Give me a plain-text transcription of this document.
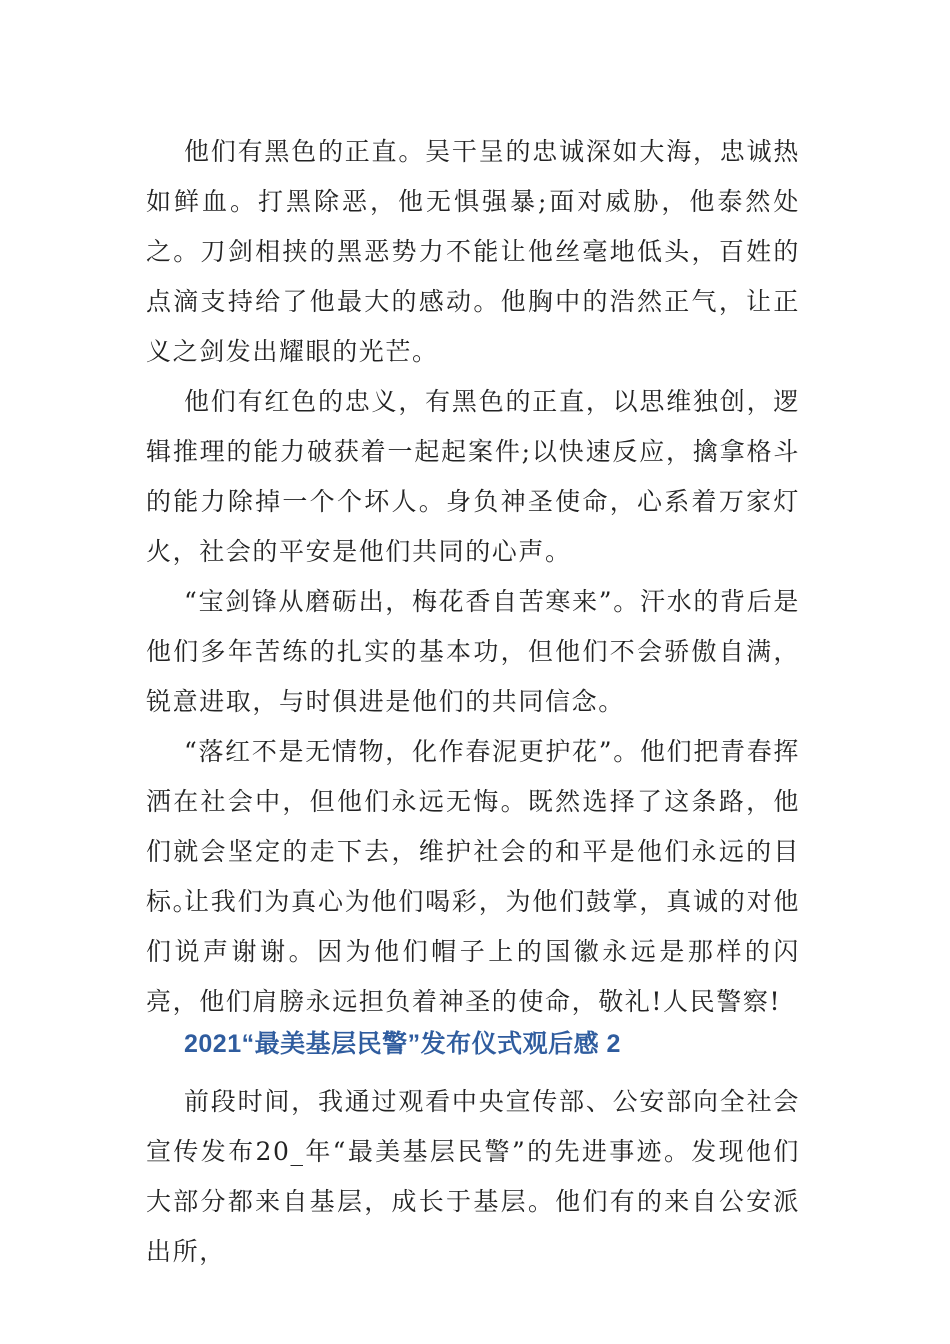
他们有黑色的正直。吴干呈的忠诚深如大海，忠诚热如鲜血。打黑除恶，他无惧强暴;面对威胁，他泰然处之。刀剑相挟的黑恶势力不能让他丝毫地低头，百姓的点滴支持给了他最大的感动。他胸中的浩然正气，让正义之剑发出耀眼的光芒。

他们有红色的忠义，有黑色的正直，以思维独创，逻辑推理的能力破获着一起起案件;以快速反应，擒拿格斗的能力除掉一个个坏人。身负神圣使命，心系着万家灯火，社会的平安是他们共同的心声。

“宝剑锋从磨砺出，梅花香自苦寒来”。汗水的背后是他们多年苦练的扎实的基本功，但他们不会骄傲自满，锐意进取，与时俱进是他们的共同信念。

“落红不是无情物，化作春泥更护花”。他们把青春挥洒在社会中，但他们永远无悔。既然选择了这条路，他们就会坚定的走下去，维护社会的和平是他们永远的目标。

让我们为真心为他们喝彩，为他们鼓掌，真诚的对他们说声谢谢。因为他们帽子上的国徽永远是那样的闪亮，他们肩膀永远担负着神圣的使命，敬礼!人民警察!

2021“最美基层民警”发布仪式观后感 2

前段时间，我通过观看中央宣传部、公安部向全社会宣传发布20_年“最美基层民警”的先进事迹。发现他们大部分都来自基层，成长于基层。他们有的来自公安派出所，
